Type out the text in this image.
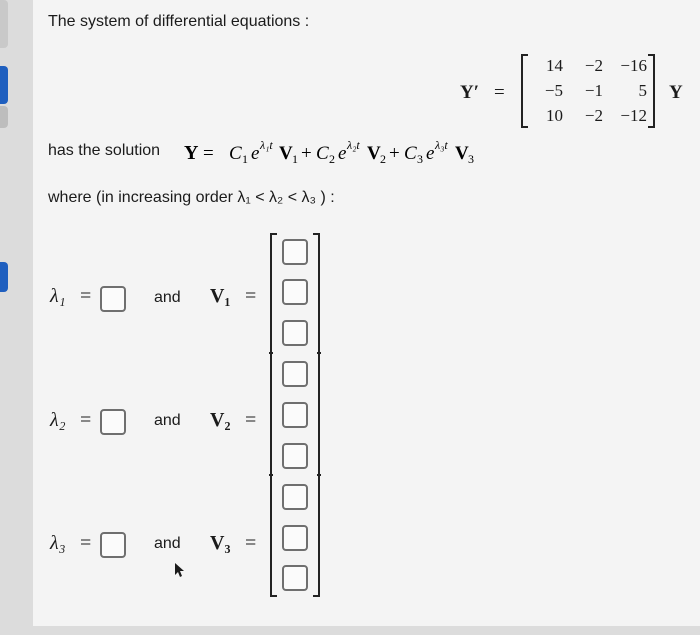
The system of differential equations :
Y′ =
14 −2 −16
−5 −1 5
10 −2 −12
Y
has the solution Y = C 1 e λ₁t V 1 + C 2 e λ₂t V 2 + C 3 e λ₃t V 3
where (in increasing order λ₁ < λ₂ < λ₃ ) :
λ₁ =	and V₁ =
λ₂ =	and V₂ =
λ₃ =	and V₃ =
